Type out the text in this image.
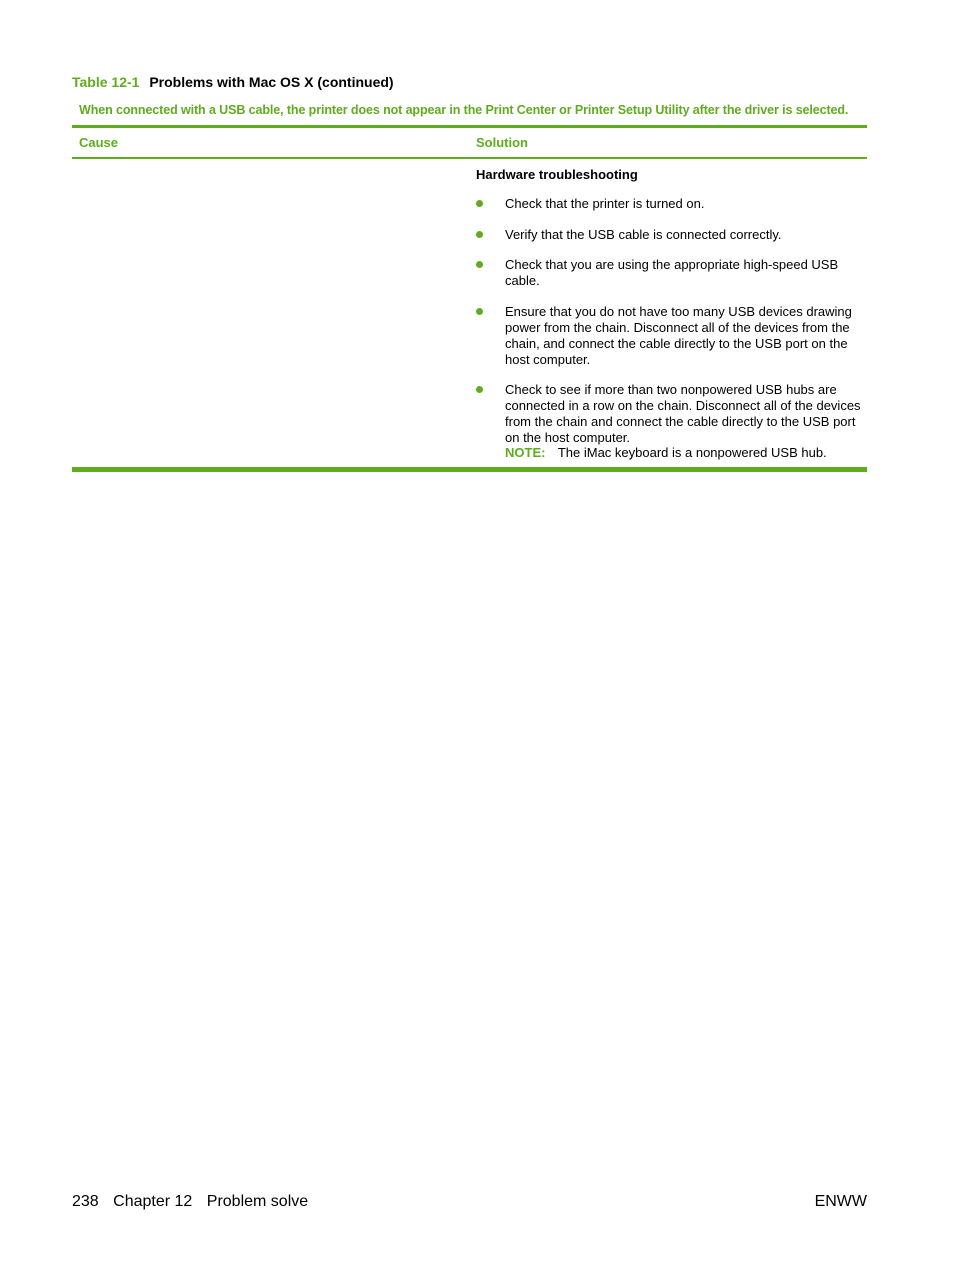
Table 12-1 Problems with Mac OS X (continued)
When connected with a USB cable, the printer does not appear in the Print Center or Printer Setup Utility after the driver is selected.
Cause	Solution
Hardware troubleshooting
Check that the printer is turned on.
Verify that the USB cable is connected correctly.
Check that you are using the appropriate high-speed USB cable.
Ensure that you do not have too many USB devices drawing power from the chain. Disconnect all of the devices from the chain, and connect the cable directly to the USB port on the host computer.
Check to see if more than two nonpowered USB hubs are connected in a row on the chain. Disconnect all of the devices from the chain and connect the cable directly to the USB port on the host computer.
NOTE: The iMac keyboard is a nonpowered USB hub.
238 Chapter 12 Problem solve	ENWW
